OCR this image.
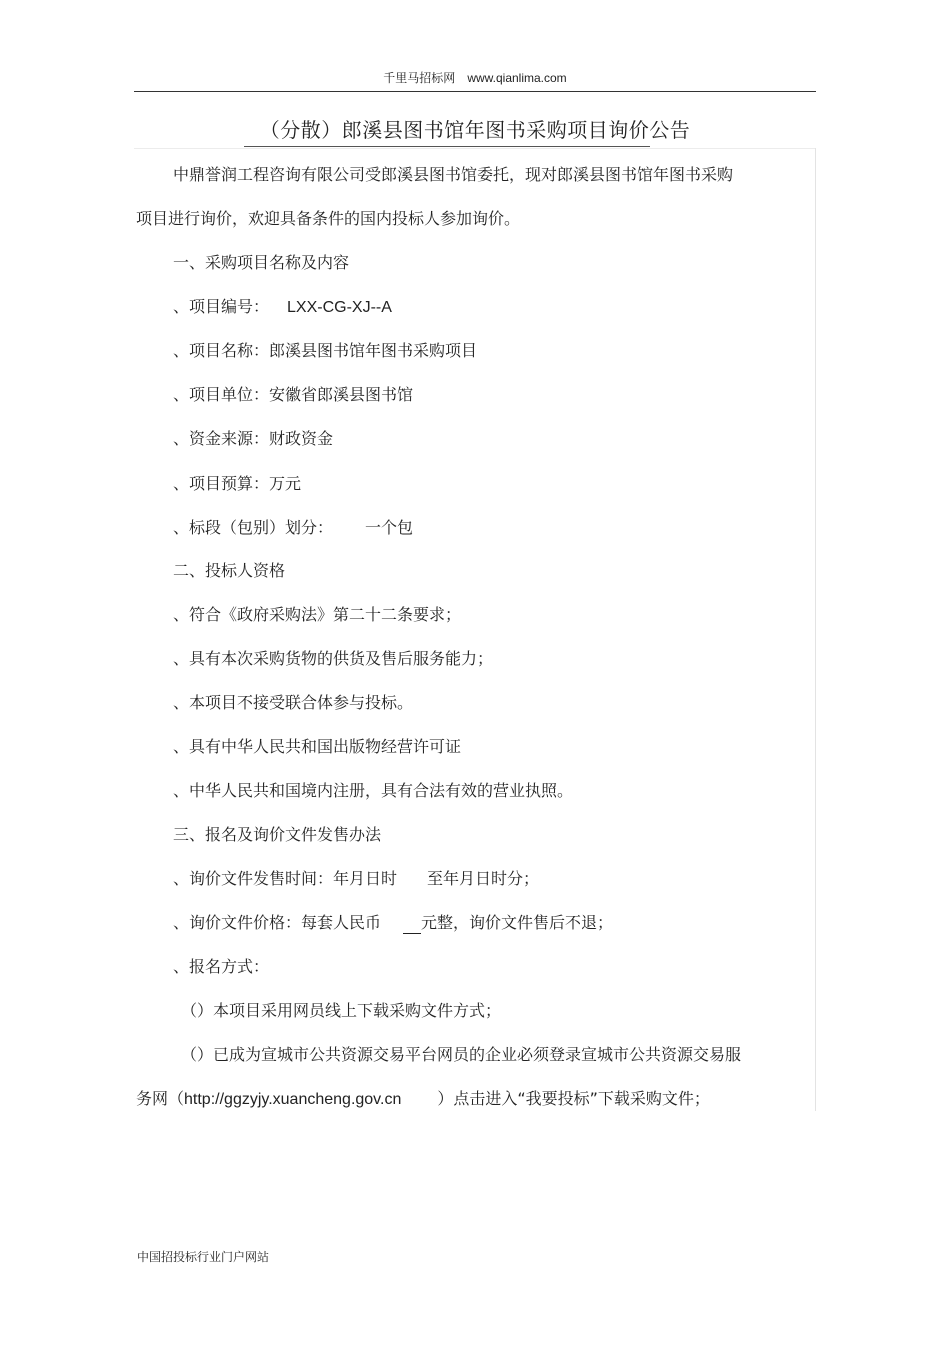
千里马招标网 www.qianlima.com
（分散）郎溪县图书馆年图书采购项目询价公告
中鼎誉润工程咨询有限公司受郎溪县图书馆委托，现对郎溪县图书馆年图书采购
项目进行询价，欢迎具备条件的国内投标人参加询价。
一、采购项目名称及内容
、项目编号： LXX-CG-XJ--A
、项目名称：郎溪县图书馆年图书采购项目
、项目单位：安徽省郎溪县图书馆
、资金来源：财政资金
、项目预算：万元
、标段（包别）划分： 一个包
二、投标人资格
、符合《政府采购法》第二十二条要求；
、具有本次采购货物的供货及售后服务能力；
、本项目不接受联合体参与投标。
、具有中华人民共和国出版物经营许可证
、中华人民共和国境内注册，具有合法有效的营业执照。
三、报名及询价文件发售办法
、询价文件发售时间：年月日时 至年月日时分；
、询价文件价格：每套人民币	元整，询价文件售后不退；
、报名方式：
（）本项目采用网员线上下载采购文件方式；
（）已成为宣城市公共资源交易平台网员的企业必须登录宣城市公共资源交易服
务网（http://ggzyjy.xuancheng.gov.cn ）点击进入“我要投标”下载采购文件；
中国招投标行业门户网站
